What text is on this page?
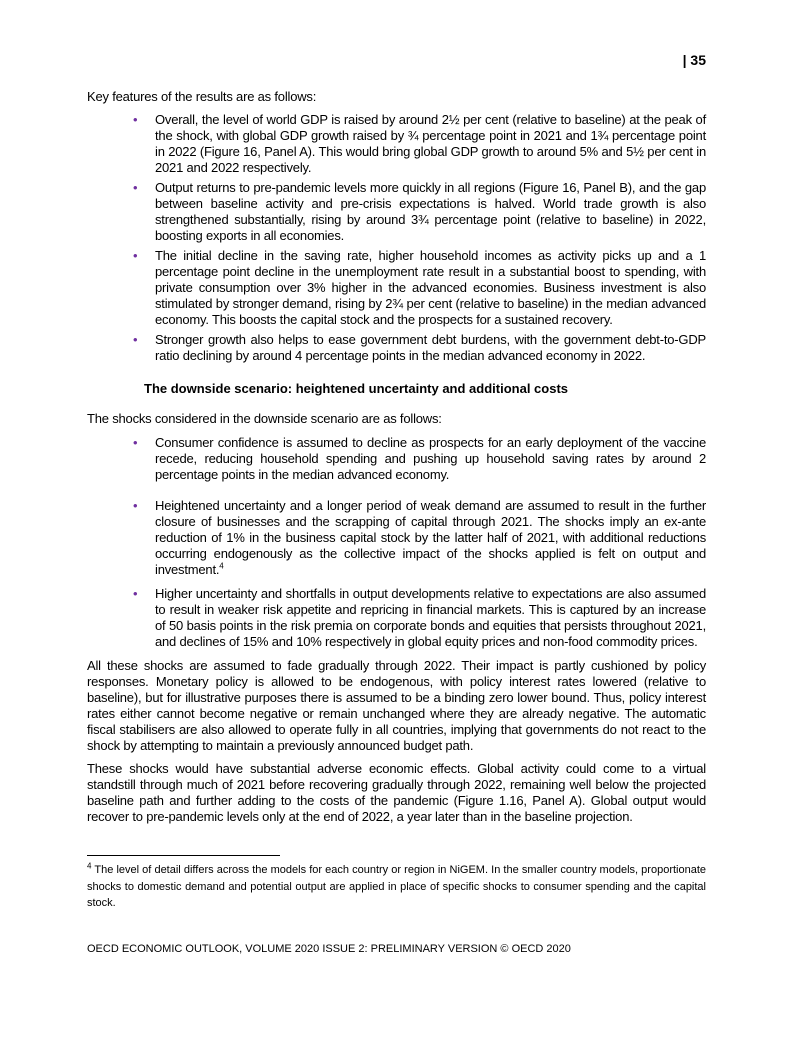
| 35

Key features of the results are as follows:

• Overall, the level of world GDP is raised by around 2½ per cent (relative to baseline) at the peak of the shock, with global GDP growth raised by ¾ percentage point in 2021 and 1¾ percentage point in 2022 (Figure 16, Panel A). This would bring global GDP growth to around 5% and 5½ per cent in 2021 and 2022 respectively.
• Output returns to pre-pandemic levels more quickly in all regions (Figure 16, Panel B), and the gap between baseline activity and pre-crisis expectations is halved. World trade growth is also strengthened substantially, rising by around 3¾ percentage point (relative to baseline) in 2022, boosting exports in all economies.
• The initial decline in the saving rate, higher household incomes as activity picks up and a 1 percentage point decline in the unemployment rate result in a substantial boost to spending, with private consumption over 3% higher in the advanced economies. Business investment is also stimulated by stronger demand, rising by 2¾ per cent (relative to baseline) in the median advanced economy. This boosts the capital stock and the prospects for a sustained recovery.
• Stronger growth also helps to ease government debt burdens, with the government debt-to-GDP ratio declining by around 4 percentage points in the median advanced economy in 2022.
The downside scenario: heightened uncertainty and additional costs

The shocks considered in the downside scenario are as follows:

• Consumer confidence is assumed to decline as prospects for an early deployment of the vaccine recede, reducing household spending and pushing up household saving rates by around 2 percentage points in the median advanced economy.
• Heightened uncertainty and a longer period of weak demand are assumed to result in the further closure of businesses and the scrapping of capital through 2021. The shocks imply an ex-ante reduction of 1% in the business capital stock by the latter half of 2021, with additional reductions occurring endogenously as the collective impact of the shocks applied is felt on output and investment.$^4$
• Higher uncertainty and shortfalls in output developments relative to expectations are also assumed to result in weaker risk appetite and repricing in financial markets. This is captured by an increase of 50 basis points in the risk premia on corporate bonds and equities that persists throughout 2021, and declines of 15% and 10% respectively in global equity prices and non-food commodity prices.

All these shocks are assumed to fade gradually through 2022. Their impact is partly cushioned by policy responses. Monetary policy is allowed to be endogenous, with policy interest rates lowered (relative to baseline), but for illustrative purposes there is assumed to be a binding zero lower bound. Thus, policy interest rates either cannot become negative or remain unchanged where they are already negative. The automatic fiscal stabilisers are also allowed to operate fully in all countries, implying that governments do not react to the shock by attempting to maintain a previously announced budget path.

These shocks would have substantial adverse economic effects. Global activity could come to a virtual standstill through much of 2021 before recovering gradually through 2022, remaining well below the projected baseline path and further adding to the costs of the pandemic (Figure 1.16, Panel A). Global output would recover to pre-pandemic levels only at the end of 2022, a year later than in the baseline projection.

$^4$ The level of detail differs across the models for each country or region in NiGEM. In the smaller country models, proportionate shocks to domestic demand and potential output are applied in place of specific shocks to consumer spending and the capital stock.
OECD ECONOMIC OUTLOOK, VOLUME 2020 ISSUE 2: PRELIMINARY VERSION © OECD 2020
